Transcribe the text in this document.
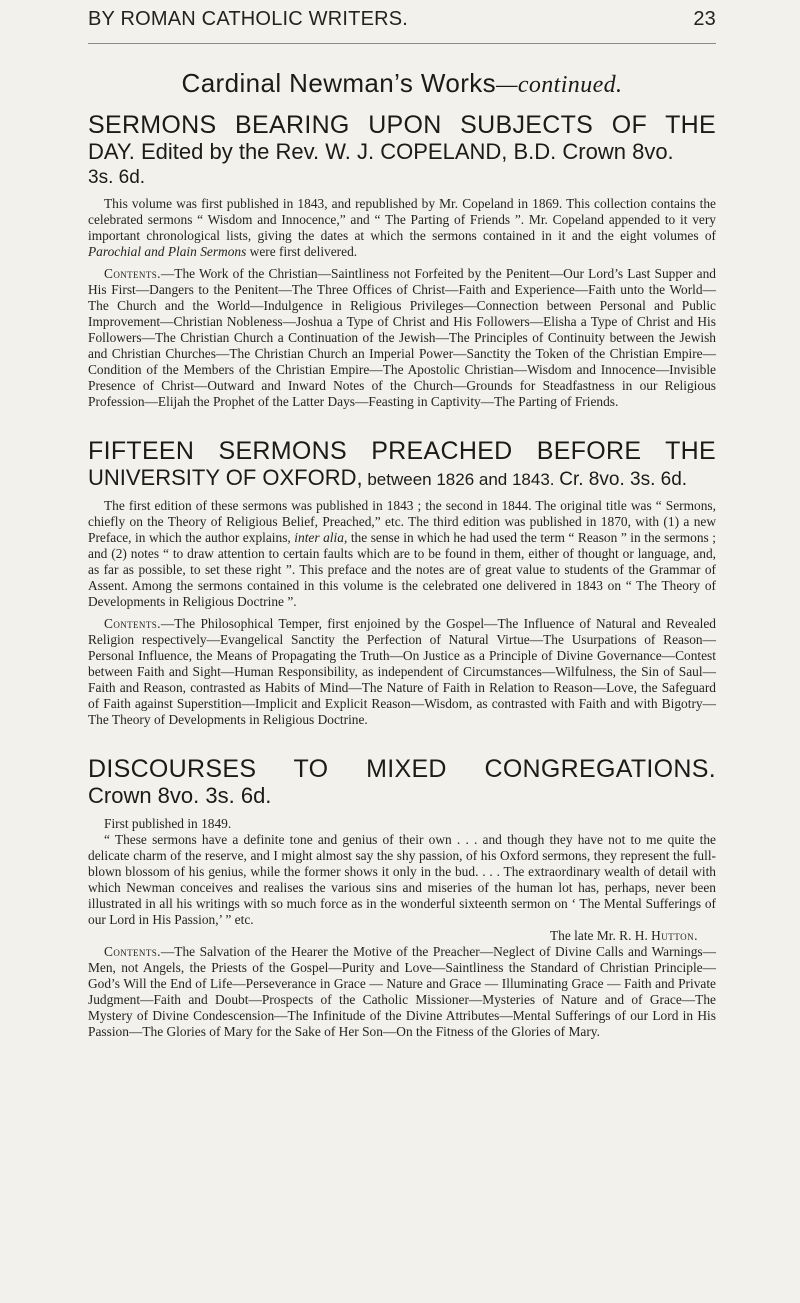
BY ROMAN CATHOLIC WRITERS.	23

Cardinal Newman’s Works—continued.

SERMONS BEARING UPON SUBJECTS OF THE

DAY. Edited by the Rev. W. J. COPELAND, B.D. Crown 8vo.

3s. 6d.

This volume was first published in 1843, and republished by Mr. Copeland in 1869. This collection contains the celebrated sermons “ Wisdom and Innocence,” and “ The Parting of Friends ”. Mr. Copeland appended to it very important chronological lists, giving the dates at which the sermons contained in it and the eight volumes of Parochial and Plain Sermons were first delivered.

Contents.—The Work of the Christian—Saintliness not Forfeited by the Penitent—Our Lord’s Last Supper and His First—Dangers to the Penitent—The Three Offices of Christ—Faith and Experience—Faith unto the World—The Church and the World—Indulgence in Religious Privileges—Connection between Personal and Public Improvement—Christian Nobleness—Joshua a Type of Christ and His Followers—Elisha a Type of Christ and His Followers—The Christian Church a Continuation of the Jewish—The Principles of Continuity between the Jewish and Christian Churches—The Christian Church an Imperial Power—Sanctity the Token of the Christian Empire—Condition of the Members of the Christian Empire—The Apostolic Christian—Wisdom and Innocence—Invisible Presence of Christ—Outward and Inward Notes of the Church—Grounds for Steadfastness in our Religious Profession—Elijah the Prophet of the Latter Days—Feasting in Captivity—The Parting of Friends.

FIFTEEN SERMONS PREACHED BEFORE THE

UNIVERSITY OF OXFORD, between 1826 and 1843. Cr. 8vo. 3s. 6d.

The first edition of these sermons was published in 1843 ; the second in 1844. The original title was “ Sermons, chiefly on the Theory of Religious Belief, Preached,” etc. The third edition was published in 1870, with (1) a new Preface, in which the author explains, inter alia, the sense in which he had used the term “ Reason ” in the sermons ; and (2) notes “ to draw attention to certain faults which are to be found in them, either of thought or language, and, as far as possible, to set these right ”. This preface and the notes are of great value to students of the Grammar of Assent. Among the sermons contained in this volume is the celebrated one delivered in 1843 on “ The Theory of Developments in Religious Doctrine ”.

Contents.—The Philosophical Temper, first enjoined by the Gospel—The Influence of Natural and Revealed Religion respectively—Evangelical Sanctity the Perfection of Natural Virtue—The Usurpations of Reason—Personal Influence, the Means of Propagating the Truth—On Justice as a Principle of Divine Governance—Contest between Faith and Sight—Human Responsibility, as independent of Circumstances—Wilfulness, the Sin of Saul—Faith and Reason, contrasted as Habits of Mind—The Nature of Faith in Relation to Reason—Love, the Safeguard of Faith against Superstition—Implicit and Explicit Reason—Wisdom, as contrasted with Faith and with Bigotry—The Theory of Developments in Religious Doctrine.

DISCOURSES TO MIXED CONGREGATIONS.

Crown 8vo. 3s. 6d.

First published in 1849.

“ These sermons have a definite tone and genius of their own . . . and though they have not to me quite the delicate charm of the reserve, and I might almost say the shy passion, of his Oxford sermons, they represent the full-blown blossom of his genius, while the former shows it only in the bud. . . . The extraordinary wealth of detail with which Newman conceives and realises the various sins and miseries of the human lot has, perhaps, never been illustrated in all his writings with so much force as in the wonderful sixteenth sermon on ‘ The Mental Sufferings of our Lord in His Passion,’ ” etc.

The late Mr. R. H. Hutton.

Contents.—The Salvation of the Hearer the Motive of the Preacher—Neglect of Divine Calls and Warnings—Men, not Angels, the Priests of the Gospel—Purity and Love—Saintliness the Standard of Christian Principle—God’s Will the End of Life—Perseverance in Grace — Nature and Grace — Illuminating Grace — Faith and Private Judgment—Faith and Doubt—Prospects of the Catholic Missioner—Mysteries of Nature and of Grace—The Mystery of Divine Condescension—The Infinitude of the Divine Attributes—Mental Sufferings of our Lord in His Passion—The Glories of Mary for the Sake of Her Son—On the Fitness of the Glories of Mary.
